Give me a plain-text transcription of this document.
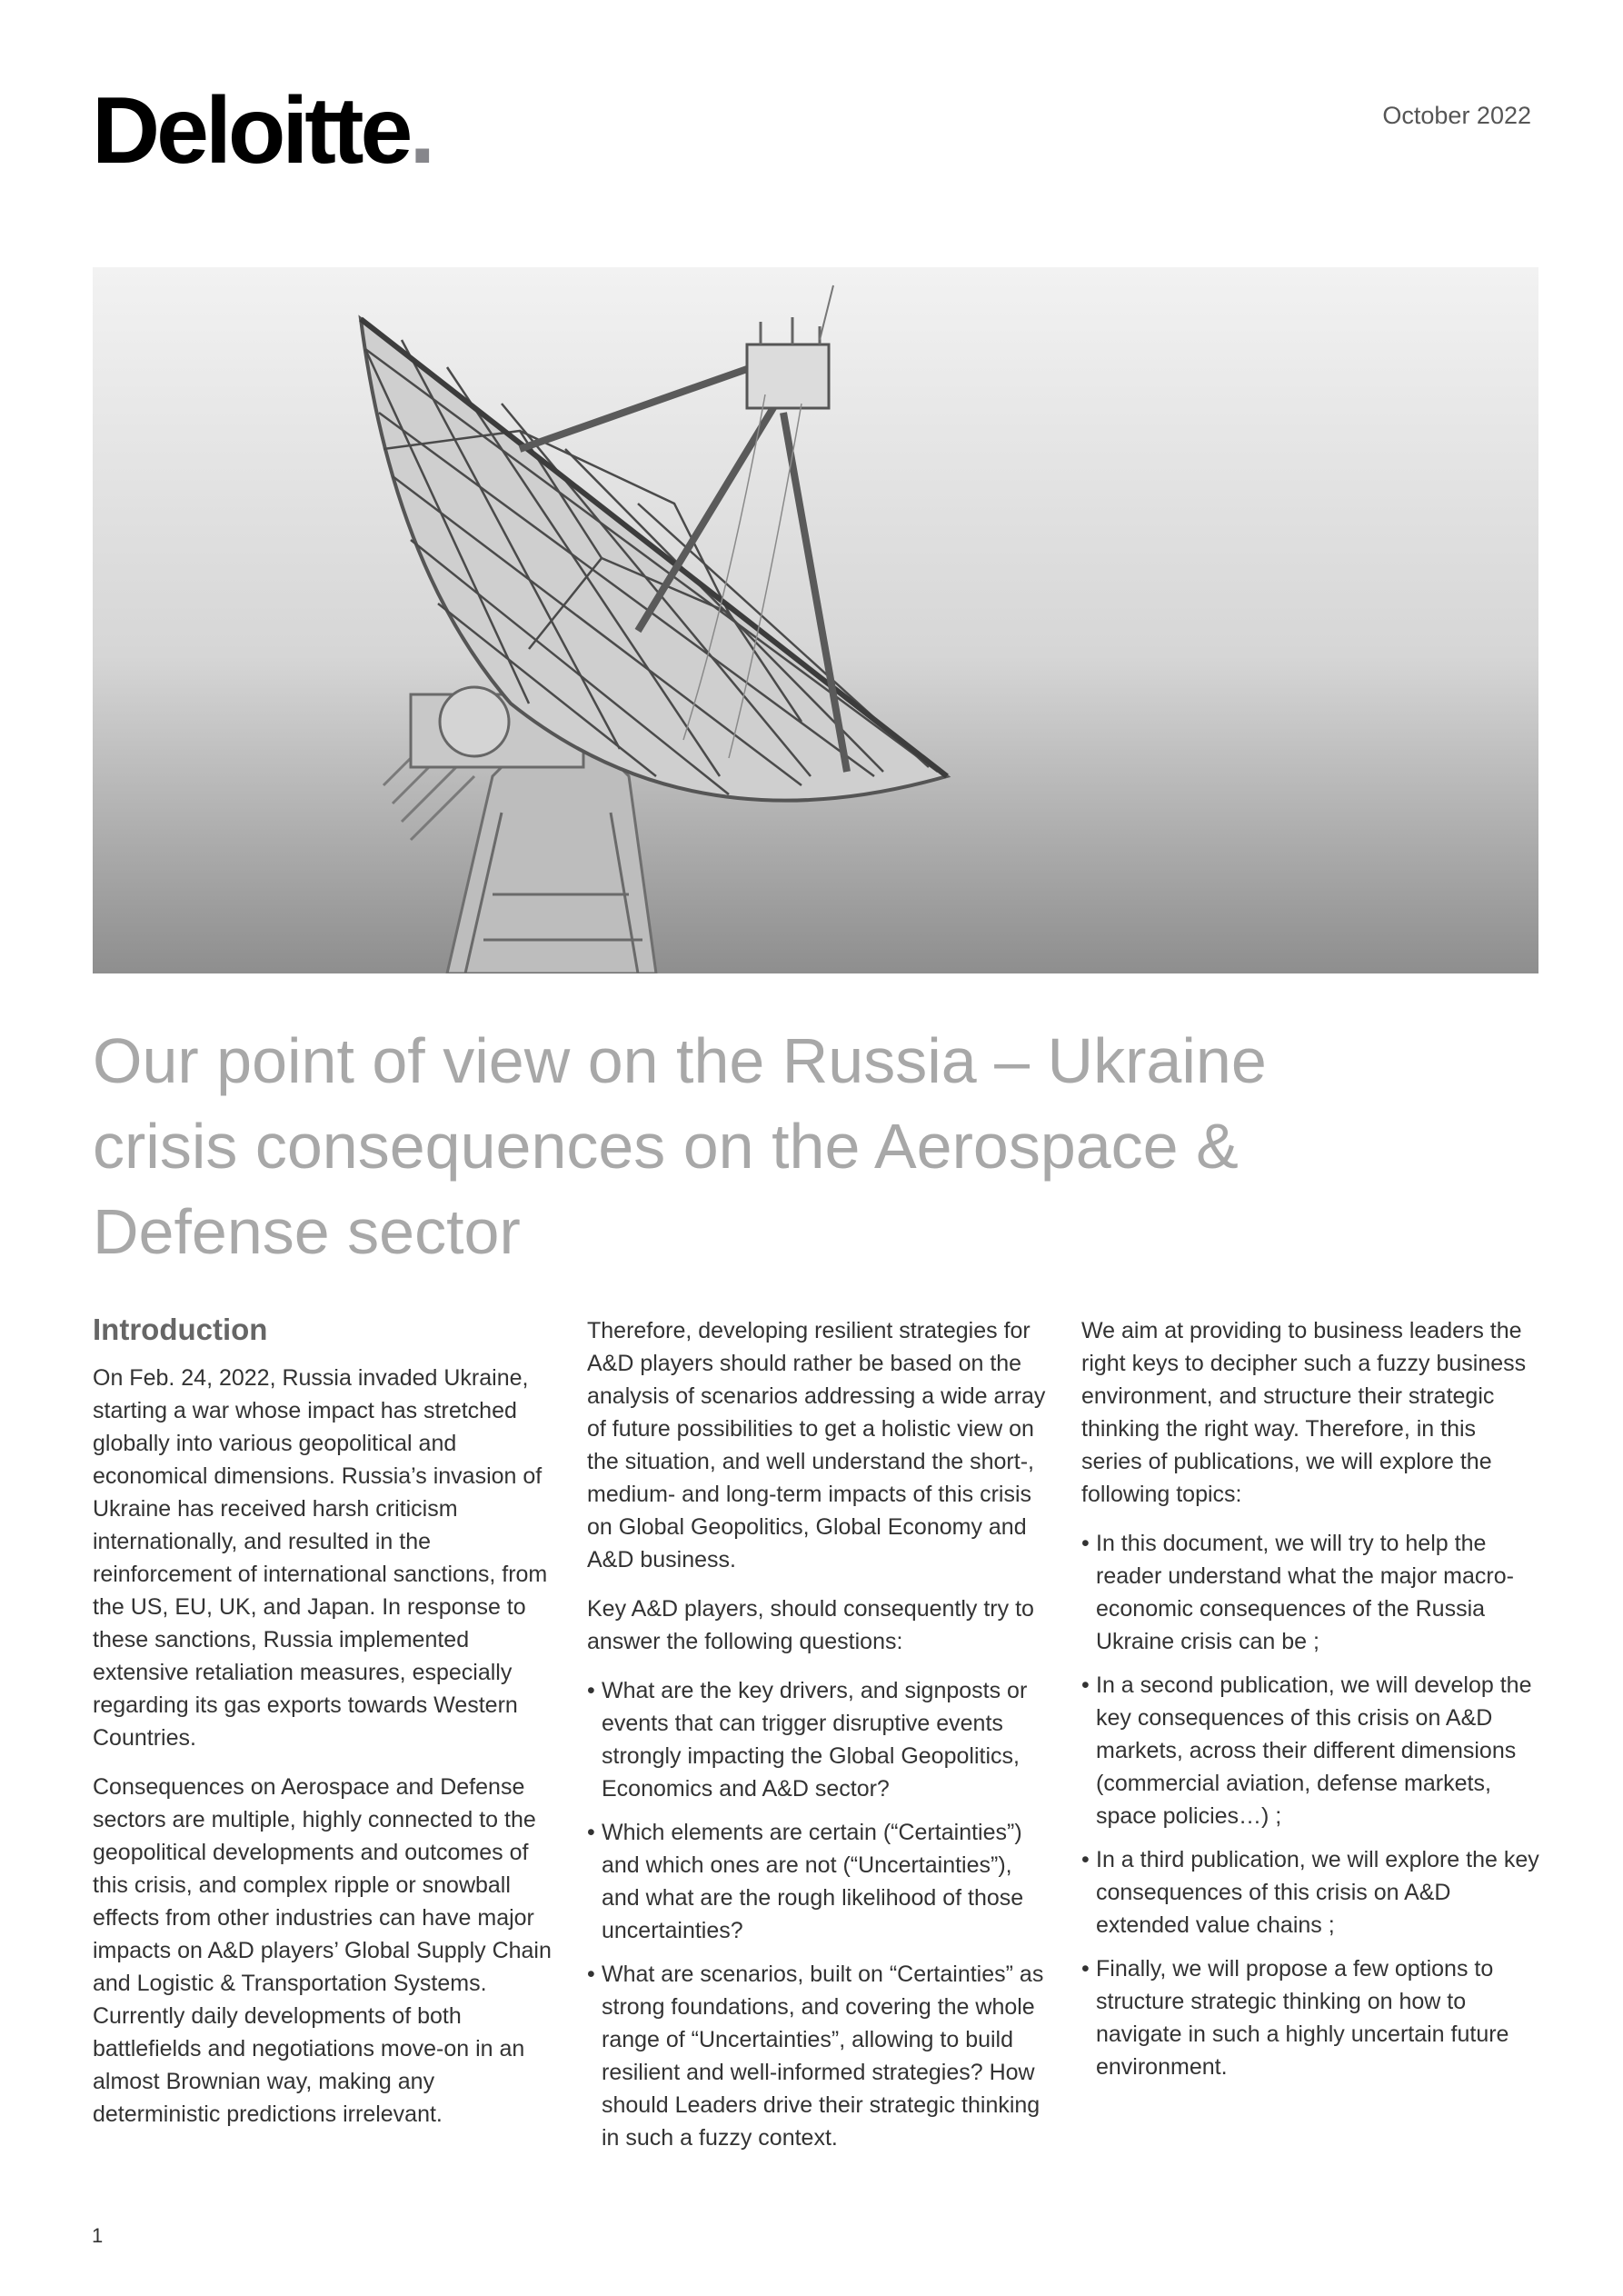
Deloitte.	October 2022
Our point of view on the Russia – Ukraine crisis consequences on the Aerospace & Defense sector
Introduction

On Feb. 24, 2022, Russia invaded Ukraine, starting a war whose impact has stretched globally into various geopolitical and economical dimensions. Russia’s invasion of Ukraine has received harsh criticism internationally, and resulted in the reinforcement of international sanctions, from the US, EU, UK, and Japan. In response to these sanctions, Russia implemented extensive retaliation measures, especially regarding its gas exports towards Western Countries.

Consequences on Aerospace and Defense sectors are multiple, highly connected to the geopolitical developments and outcomes of this crisis, and complex ripple or snowball effects from other industries can have major impacts on A&D players’ Global Supply Chain and Logistic & Transportation Systems. Currently daily developments of both battlefields and negotiations move-on in an almost Brownian way, making any deterministic predictions irrelevant.

Therefore, developing resilient strategies for A&D players should rather be based on the analysis of scenarios addressing a wide array of future possibilities to get a holistic view on the situation, and well understand the short-, medium- and long-term impacts of this crisis on Global Geopolitics, Global Economy and A&D business.

Key A&D players, should consequently try to answer the following questions:

• What are the key drivers, and signposts or events that can trigger disruptive events strongly impacting the Global Geopolitics, Economics and A&D sector?
• Which elements are certain (“Certainties”) and which ones are not (“Uncertainties”), and what are the rough likelihood of those uncertainties?
• What are scenarios, built on “Certainties” as strong foundations, and covering the whole range of “Uncertainties”, allowing to build resilient and well-informed strategies? How should Leaders drive their strategic thinking in such a fuzzy context.

We aim at providing to business leaders the right keys to decipher such a fuzzy business environment, and structure their strategic thinking the right way. Therefore, in this series of publications, we will explore the following topics:

• In this document, we will try to help the reader understand what the major macro-economic consequences of the Russia Ukraine crisis can be ;
• In a second publication, we will develop the key consequences of this crisis on A&D markets, across their different dimensions (commercial aviation, defense markets, space policies…) ;
• In a third publication, we will explore the key consequences of this crisis on A&D extended value chains ;
• Finally, we will propose a few options to structure strategic thinking on how to navigate in such a highly uncertain future environment.
1
